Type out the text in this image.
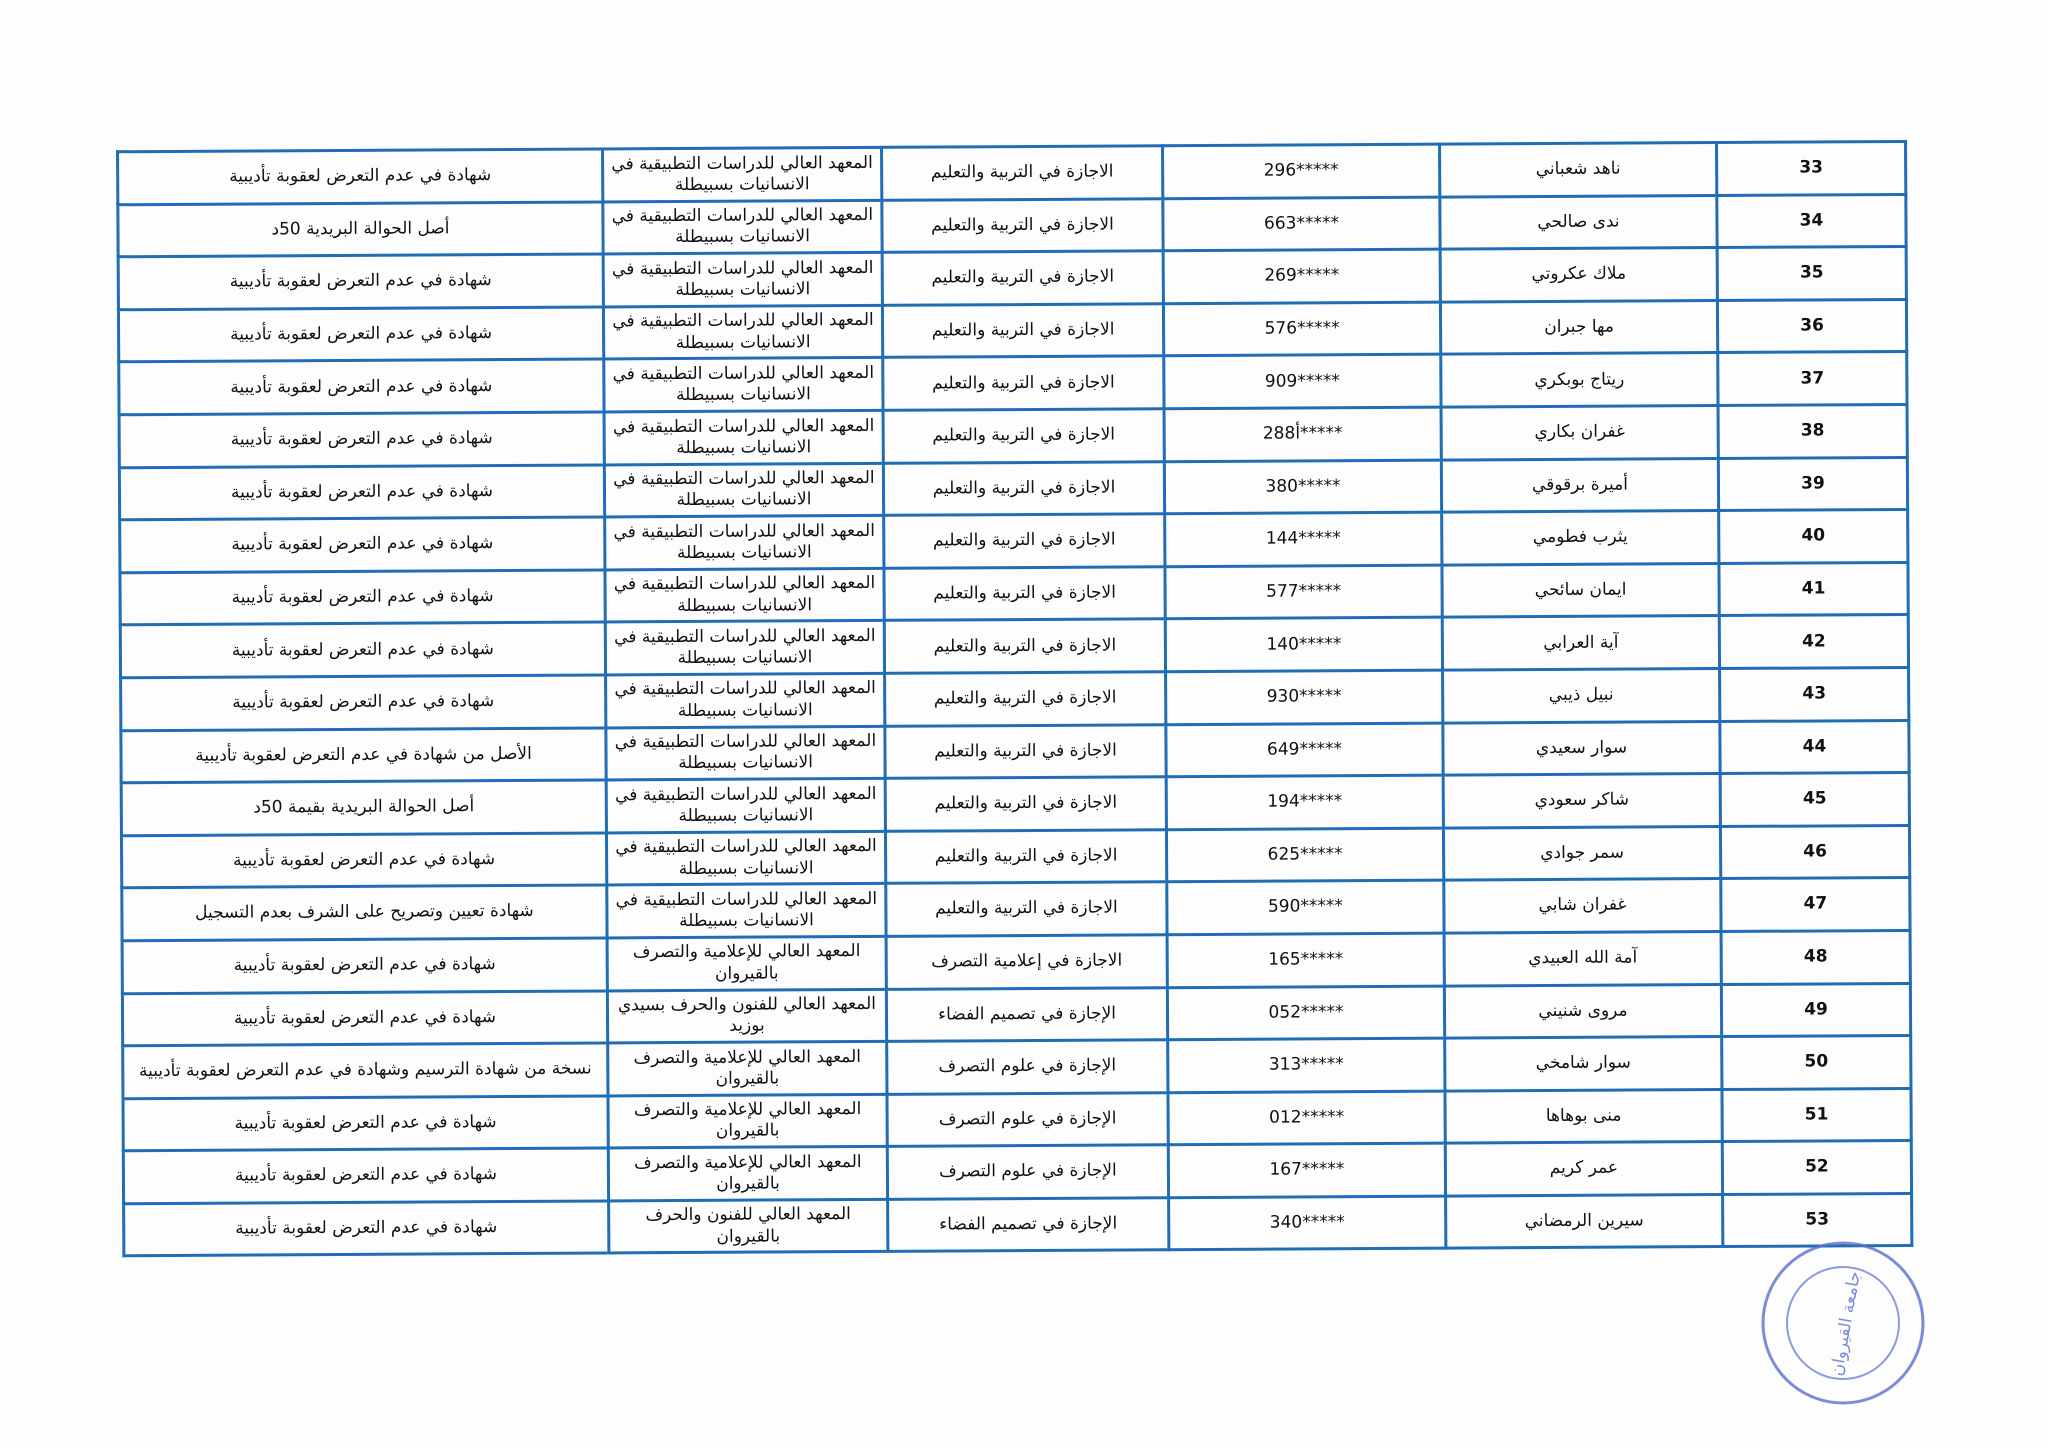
33	ناهد شعباني	296*****	الاجازة في التربية والتعليم	المعهد العالي للدراسات التطبيقية في الانسانيات بسبيطلة	شهادة في عدم التعرض لعقوبة تأديبية
34	ندى صالحي	663*****	الاجازة في التربية والتعليم	المعهد العالي للدراسات التطبيقية في الانسانيات بسبيطلة	أصل الحوالة البريدية 50د
35	ملاك عكروتي	269*****	الاجازة في التربية والتعليم	المعهد العالي للدراسات التطبيقية في الانسانيات بسبيطلة	شهادة في عدم التعرض لعقوبة تأديبية
36	مها جبران	576*****	الاجازة في التربية والتعليم	المعهد العالي للدراسات التطبيقية في الانسانيات بسبيطلة	شهادة في عدم التعرض لعقوبة تأديبية
37	ريتاج بوبكري	909*****	الاجازة في التربية والتعليم	المعهد العالي للدراسات التطبيقية في الانسانيات بسبيطلة	شهادة في عدم التعرض لعقوبة تأديبية
38	غفران بكاري	288أ*****	الاجازة في التربية والتعليم	المعهد العالي للدراسات التطبيقية في الانسانيات بسبيطلة	شهادة في عدم التعرض لعقوبة تأديبية
39	أميرة برقوقي	380*****	الاجازة في التربية والتعليم	المعهد العالي للدراسات التطبيقية في الانسانيات بسبيطلة	شهادة في عدم التعرض لعقوبة تأديبية
40	يثرب فطومي	144*****	الاجازة في التربية والتعليم	المعهد العالي للدراسات التطبيقية في الانسانيات بسبيطلة	شهادة في عدم التعرض لعقوبة تأديبية
41	ايمان سائحي	577*****	الاجازة في التربية والتعليم	المعهد العالي للدراسات التطبيقية في الانسانيات بسبيطلة	شهادة في عدم التعرض لعقوبة تأديبية
42	آية العرابي	140*****	الاجازة في التربية والتعليم	المعهد العالي للدراسات التطبيقية في الانسانيات بسبيطلة	شهادة في عدم التعرض لعقوبة تأديبية
43	نبيل ذيبي	930*****	الاجازة في التربية والتعليم	المعهد العالي للدراسات التطبيقية في الانسانيات بسبيطلة	شهادة في عدم التعرض لعقوبة تأديبية
44	سوار سعيدي	649*****	الاجازة في التربية والتعليم	المعهد العالي للدراسات التطبيقية في الانسانيات بسبيطلة	الأصل من شهادة في عدم التعرض لعقوبة تأديبية
45	شاكر سعودي	194*****	الاجازة في التربية والتعليم	المعهد العالي للدراسات التطبيقية في الانسانيات بسبيطلة	أصل الحوالة البريدية بقيمة 50د
46	سمر جوادي	625*****	الاجازة في التربية والتعليم	المعهد العالي للدراسات التطبيقية في الانسانيات بسبيطلة	شهادة في عدم التعرض لعقوبة تأديبية
47	غفران شابي	590*****	الاجازة في التربية والتعليم	المعهد العالي للدراسات التطبيقية في الانسانيات بسبيطلة	شهادة تعيين وتصريح على الشرف بعدم التسجيل
48	آمة الله العبيدي	165*****	الاجازة في إعلامية التصرف	المعهد العالي للإعلامية والتصرف بالقيروان	شهادة في عدم التعرض لعقوبة تأديبية
49	مروى شنيني	052*****	الإجازة في تصميم الفضاء	المعهد العالي للفنون والحرف بسيدي بوزيد	شهادة في عدم التعرض لعقوبة تأديبية
50	سوار شامخي	313*****	الإجازة في علوم التصرف	المعهد العالي للإعلامية والتصرف بالقيروان	نسخة من شهادة الترسيم وشهادة في عدم التعرض لعقوبة تأديبية
51	منى بوهاها	012*****	الإجازة في علوم التصرف	المعهد العالي للإعلامية والتصرف بالقيروان	شهادة في عدم التعرض لعقوبة تأديبية
52	عمر كريم	167*****	الإجازة في علوم التصرف	المعهد العالي للإعلامية والتصرف بالقيروان	شهادة في عدم التعرض لعقوبة تأديبية
53	سيرين الرمضاني	340*****	الإجازة في تصميم الفضاء	المعهد العالي للفنون والحرف بالقيروان	شهادة في عدم التعرض لعقوبة تأديبية
جامعة القيروان
